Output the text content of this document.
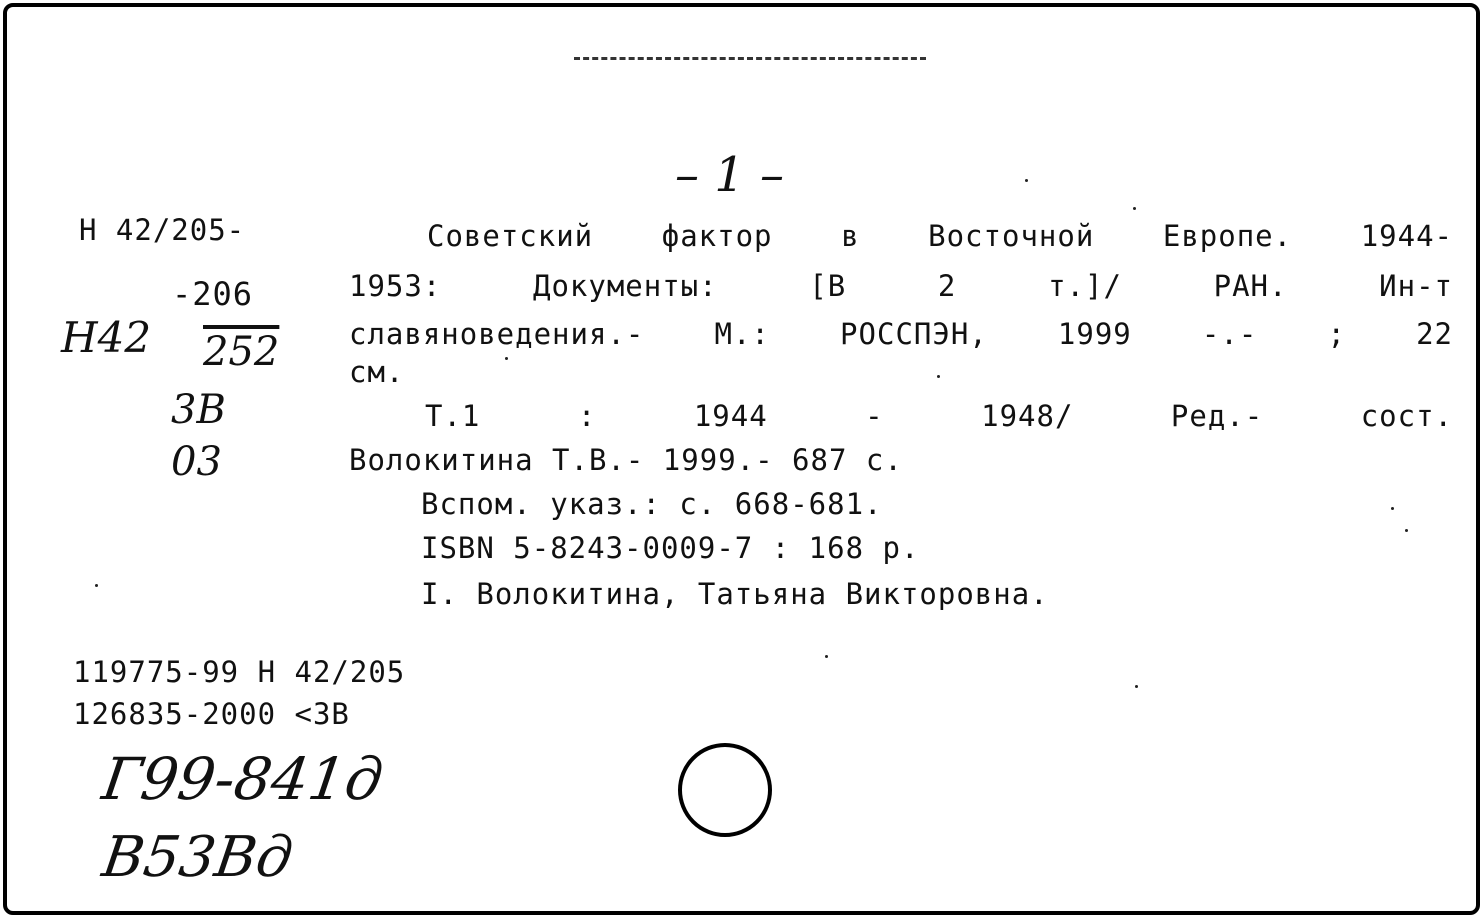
– 1 –
Н 42/205-
-206
Н42 252
3В
03
Советский фактор в Восточной Европе. 1944-
1953: Документы: [В 2 т.]/ РАН. Ин-т
славяноведения.- М.: РОССПЭН, 1999 -.- ; 22
см.
Т.1 : 1944 - 1948/ Ред.- сост.
Волокитина Т.В.- 1999.- 687 с.
Вспом. указ.: с. 668-681.
ISBN 5-8243-0009-7 : 168 р.
I. Волокитина, Татьяна Викторовна.
119775-99 Н 42/205
126835-2000 <3В
Г99-841д
В53Вд
